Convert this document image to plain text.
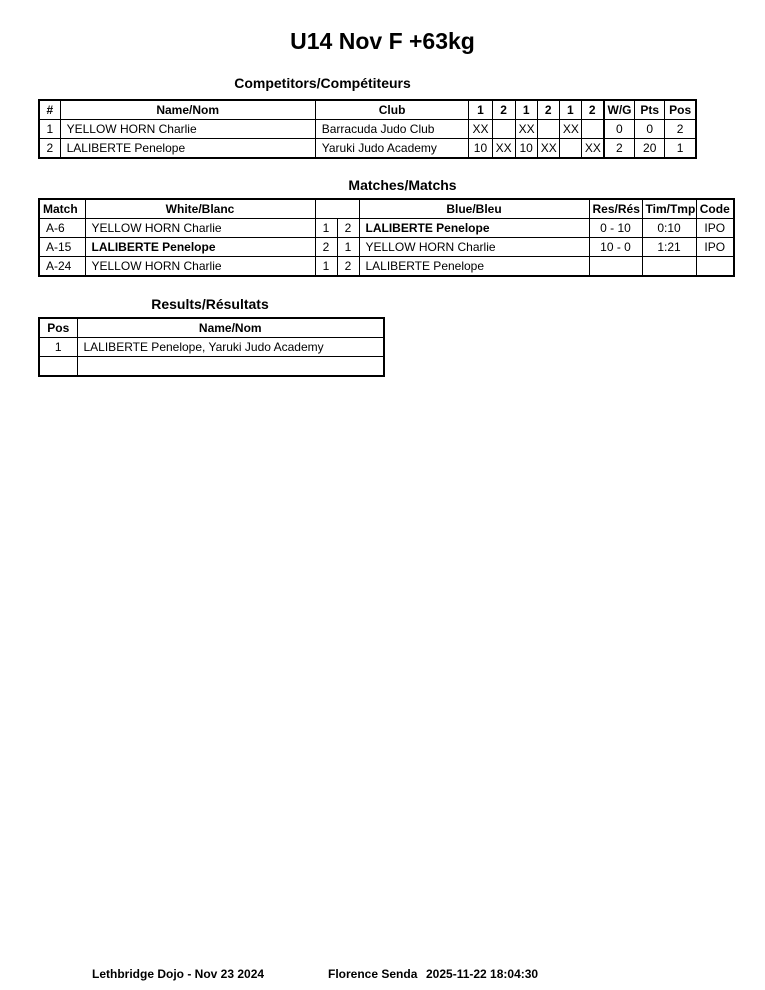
U14 Nov F +63kg
Competitors/Compétiteurs
#	Name/Nom	Club	1	2	1	2	1	2	W/G	Pts	Pos
1	YELLOW HORN Charlie	Barracuda Judo Club	XX		XX		XX		0	0	2
2	LALIBERTE Penelope	Yaruki Judo Academy	10	XX	10	XX		XX	2	20	1
Matches/Matchs
Match	White/Blanc			Blue/Bleu	Res/Rés	Tim/Tmp	Code
A-6	YELLOW HORN Charlie	1	2	LALIBERTE Penelope	0 - 10	0:10	IPO
A-15	LALIBERTE Penelope	2	1	YELLOW HORN Charlie	10 - 0	1:21	IPO
A-24	YELLOW HORN Charlie	1	2	LALIBERTE Penelope			
Results/Résultats
Pos	Name/Nom
1	LALIBERTE Penelope, Yaruki Judo Academy

Lethbridge Dojo - Nov 23 2024	Florence Senda 2025-11-22 18:04:30
